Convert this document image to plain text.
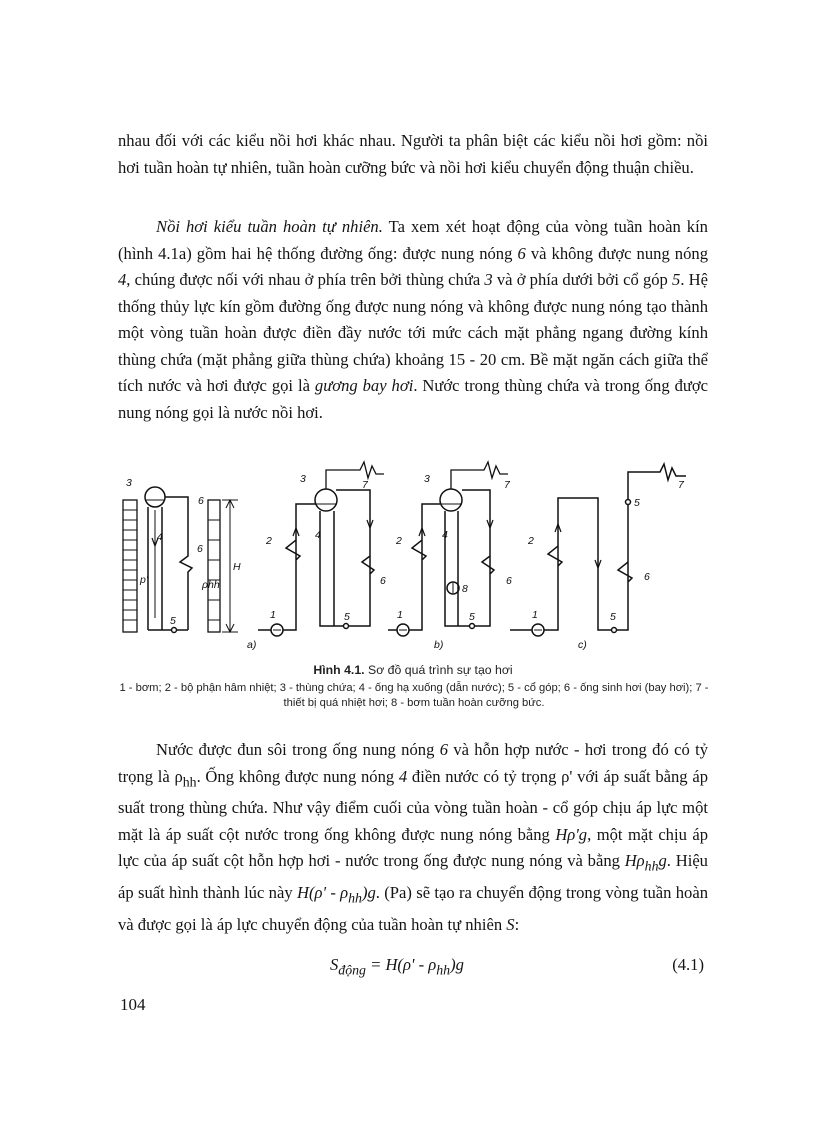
nhau đối với các kiểu nồi hơi khác nhau. Người ta phân biệt các kiểu nồi hơi gồm: nồi hơi tuần hoàn tự nhiên, tuần hoàn cưỡng bức và nồi hơi kiểu chuyển động thuận chiều.

Nồi hơi kiểu tuần hoàn tự nhiên. Ta xem xét hoạt động của vòng tuần hoàn kín (hình 4.1a) gồm hai hệ thống đường ống: được nung nóng 6 và không được nung nóng 4, chúng được nối với nhau ở phía trên bởi thùng chứa 3 và ở phía dưới bởi cổ góp 5. Hệ thống thủy lực kín gồm đường ống được nung nóng và không được nung nóng tạo thành một vòng tuần hoàn được điền đầy nước tới mức cách mặt phẳng ngang đường kính thùng chứa (mặt phẳng giữa thùng chứa) khoảng 15 - 20 cm. Bề mặt ngăn cách giữa thể tích nước và hơi được gọi là gương bay hơi. Nước trong thùng chứa và trong ống được nung nóng gọi là nước nồi hơi.

3
4
6
6
p'	ρhh
H
5
a)
3
2	4
6
1	5
7	3
2	4
8
6
1	5
7
b)
2
1	5
5
6
7
c)
Hình 4.1. Sơ đồ quá trình sự tạo hơi
1 - bơm; 2 - bộ phận hâm nhiệt; 3 - thùng chứa; 4 - ống hạ xuống (dẫn nước); 5 - cổ góp; 6 - ống sinh hơi (bay hơi); 7 - thiết bị quá nhiệt hơi; 8 - bơm tuần hoàn cưỡng bức.

Nước được đun sôi trong ống nung nóng 6 và hỗn hợp nước - hơi trong đó có tỷ trọng là $\rho_{hh}$. Ống không được nung nóng 4 điền nước có tỷ trọng ρ' với áp suất bằng áp suất trong thùng chứa. Như vậy điểm cuối của vòng tuần hoàn - cổ góp chịu áp lực một mặt là áp suất cột nước trong ống không được nung nóng bằng Hρ'g, một mặt chịu áp lực của áp suất cột hỗn hợp hơi - nước trong ống được nung nóng và bằng $H\rho_{hh}g$. Hiệu áp suất hình thành lúc này $H(\rho' - \rho_{hh})g$. (Pa) sẽ tạo ra chuyển động trong vòng tuần hoàn và được gọi là áp lực chuyển động của tuần hoàn tự nhiên S:

$S_{động} = H(\rho' - \rho_{hh})g$	(4.1)
104
